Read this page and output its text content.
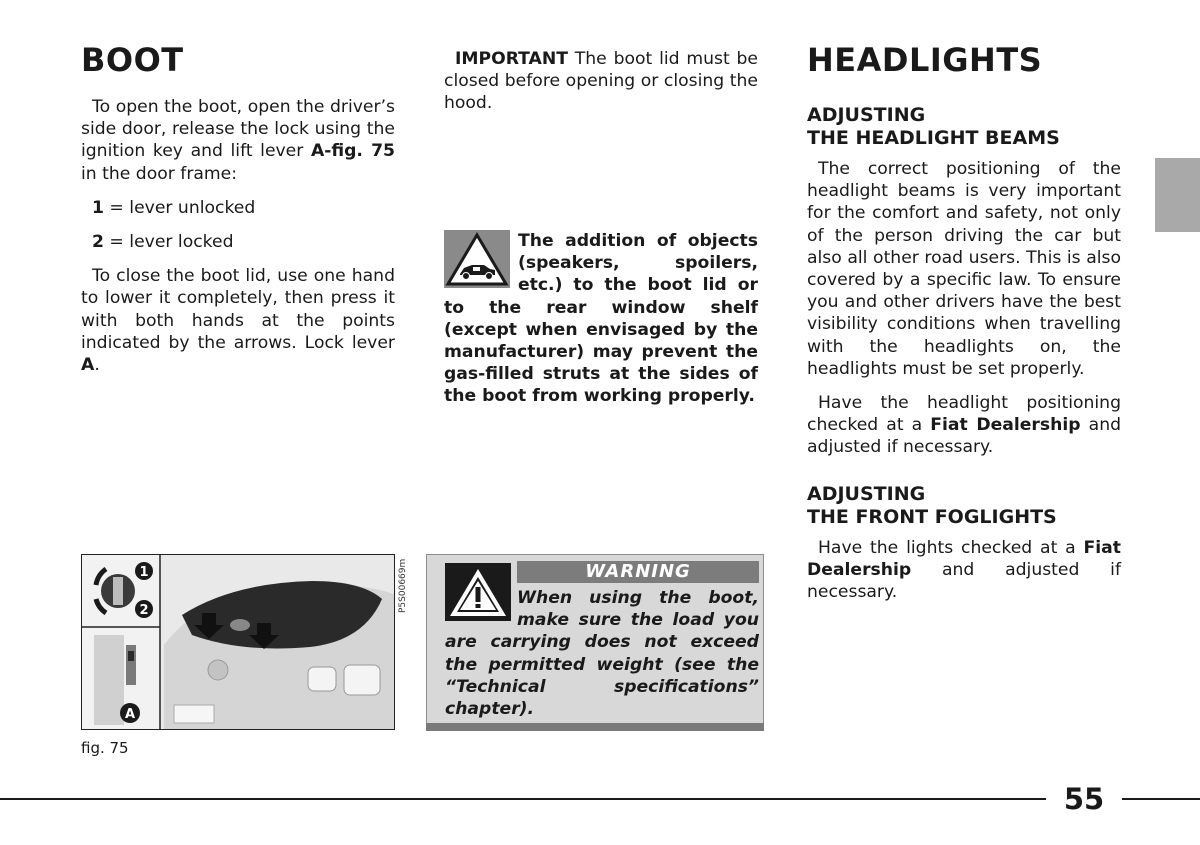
BOOT

To open the boot, open the driver’s side door, release the lock using the ignition key and lift lever A-fig. 75 in the door frame:

1 = lever unlocked

2 = lever locked

To close the boot lid, use one hand to lower it completely, then press it with both hands at the points indicated by the arrows. Lock lever A.

IMPORTANT The boot lid must be closed before opening or closing the hood.

The addition of objects (speakers, spoilers, etc.) to the boot lid or to the rear window shelf (except when envisaged by the manufacturer) may prevent the gas-filled struts at the sides of the boot from working properly.
1
2
A
P5S00669m
fig. 75
WARNING
When using the boot, make sure the load you are carrying does not exceed the permitted weight (see the “Technical specifications” chapter).
HEADLIGHTS
ADJUSTING
THE HEADLIGHT BEAMS

The correct positioning of the headlight beams is very important for the comfort and safety, not only of the person driving the car but also all other road users. This is also covered by a specific law. To ensure you and other drivers have the best visibility conditions when travelling with the headlights on, the headlights must be set properly.

Have the headlight positioning checked at a Fiat Dealership and adjusted if necessary.

ADJUSTING
THE FRONT FOGLIGHTS

Have the lights checked at a Fiat Dealership and adjusted if necessary.

55
